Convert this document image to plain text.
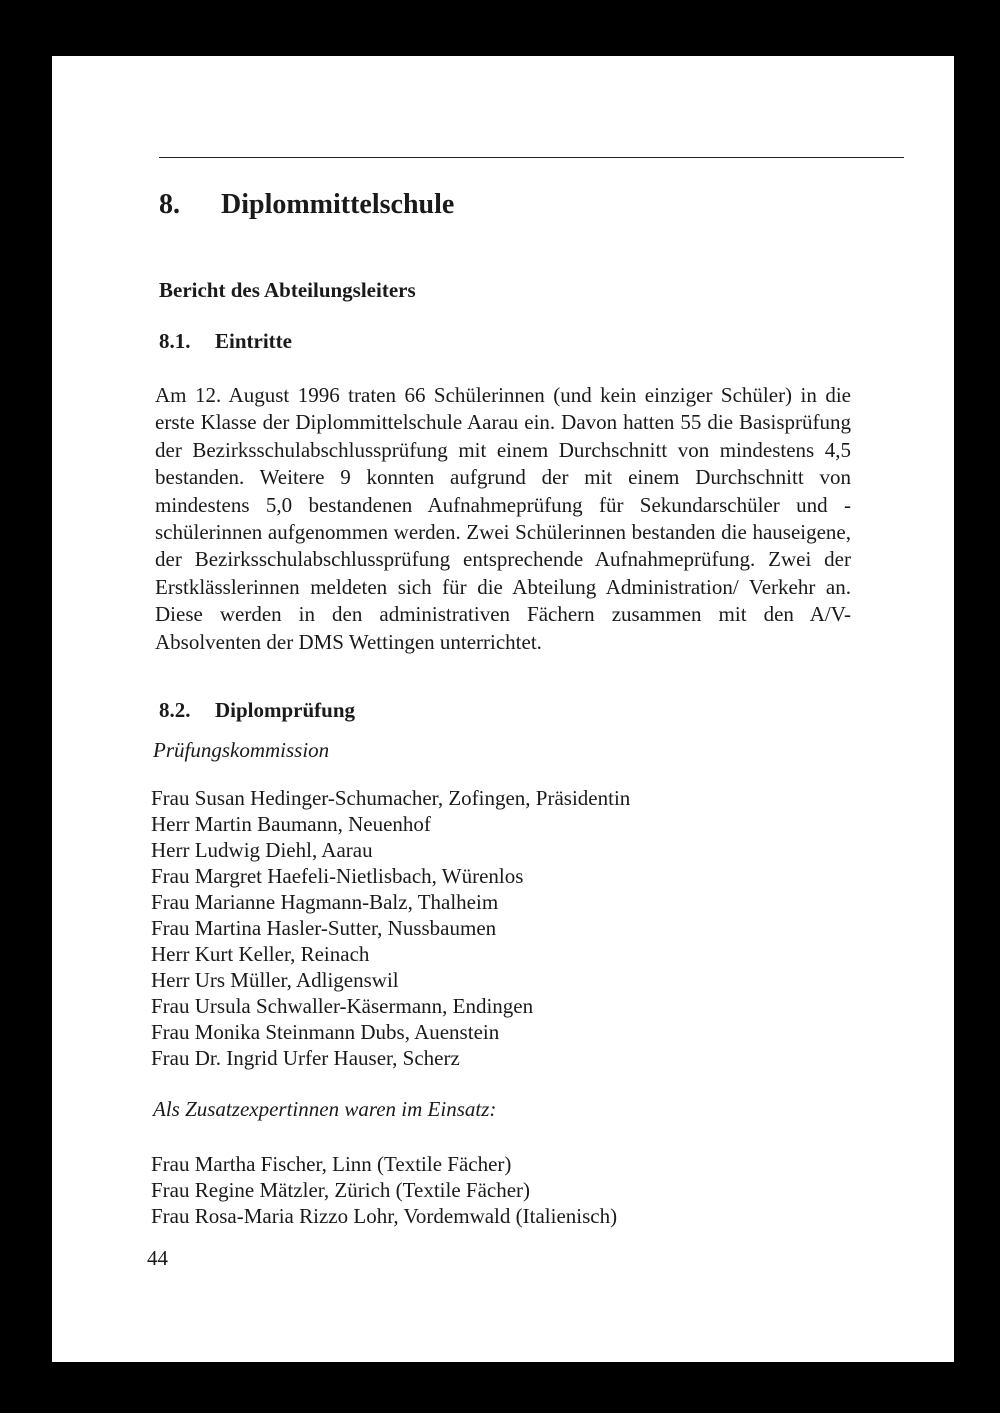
8. Diplommittelschule
Bericht des Abteilungsleiters
8.1. Eintritte

Am 12. August 1996 traten 66 Schülerinnen (und kein einziger Schüler) in die erste Klasse der Diplommittelschule Aarau ein. Davon hatten 55 die Basisprüfung der Bezirksschulabschlussprüfung mit einem Durchschnitt von mindestens 4,5 bestanden. Weitere 9 konnten aufgrund der mit einem Durchschnitt von mindestens 5,0 bestandenen Aufnahmeprüfung für Sekundarschüler und -schülerinnen aufgenommen werden. Zwei Schülerinnen bestanden die hauseigene, der Bezirksschulabschlussprüfung entsprechende Aufnahmeprüfung. Zwei der Erstklässlerinnen meldeten sich für die Abteilung Administration/ Verkehr an. Diese werden in den administrativen Fächern zusammen mit den A/V-Absolventen der DMS Wettingen unterrichtet.

8.2. Diplomprüfung

Prüfungskommission

Frau Susan Hedinger-Schumacher, Zofingen, Präsidentin
Herr Martin Baumann, Neuenhof
Herr Ludwig Diehl, Aarau
Frau Margret Haefeli-Nietlisbach, Würenlos
Frau Marianne Hagmann-Balz, Thalheim
Frau Martina Hasler-Sutter, Nussbaumen
Herr Kurt Keller, Reinach
Herr Urs Müller, Adligenswil
Frau Ursula Schwaller-Käsermann, Endingen
Frau Monika Steinmann Dubs, Auenstein
Frau Dr. Ingrid Urfer Hauser, Scherz

Als Zusatzexpertinnen waren im Einsatz:

Frau Martha Fischer, Linn (Textile Fächer)
Frau Regine Mätzler, Zürich (Textile Fächer)
Frau Rosa-Maria Rizzo Lohr, Vordemwald (Italienisch)

44
